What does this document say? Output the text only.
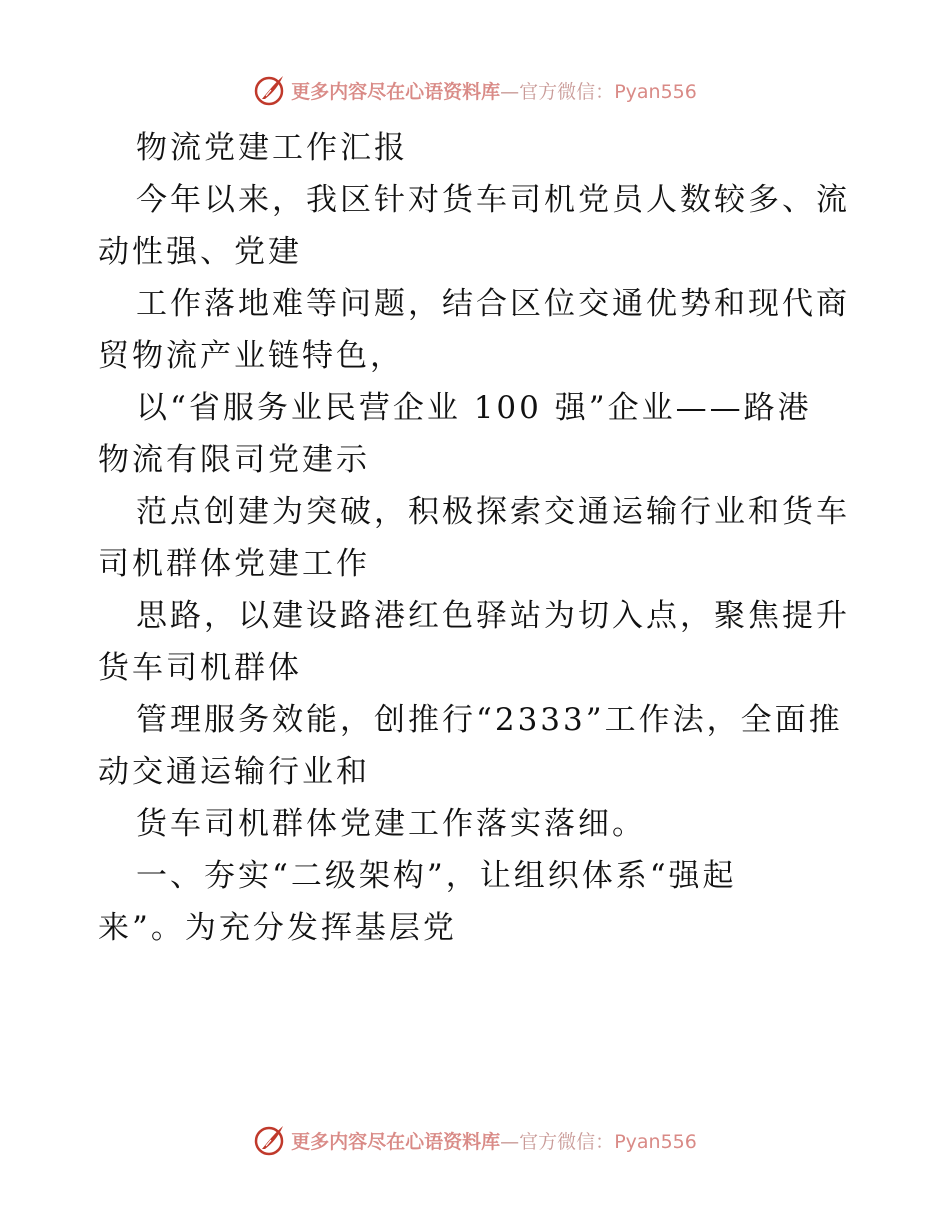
更多内容尽在心语资料库—官方微信：Pyan556
物流党建工作汇报
今年以来，我区针对货车司机党员人数较多、流
动性强、党建
工作落地难等问题，结合区位交通优势和现代商
贸物流产业链特色，
以“省服务业民营企业 100 强”企业——路港
物流有限司党建示
范点创建为突破，积极探索交通运输行业和货车
司机群体党建工作
思路，以建设路港红色驿站为切入点，聚焦提升
货车司机群体
管理服务效能，创推行“2333”工作法，全面推
动交通运输行业和
货车司机群体党建工作落实落细。
一、夯实“二级架构”，让组织体系“强起
来”。为充分发挥基层党
更多内容尽在心语资料库—官方微信：Pyan556
